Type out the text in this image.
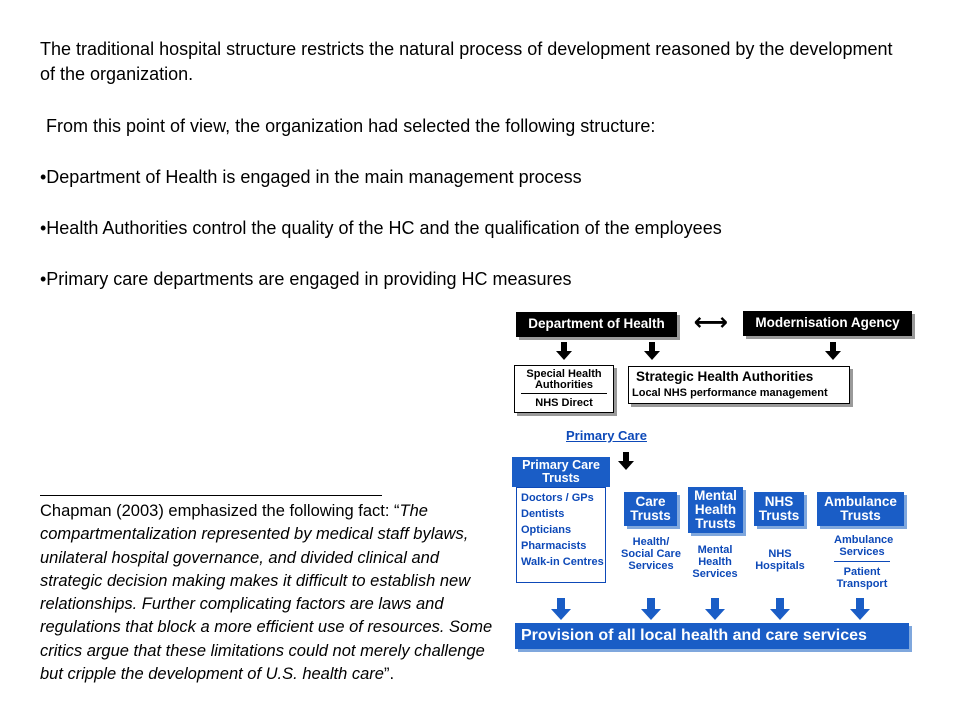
The traditional hospital structure restricts the natural process of development reasoned by the development of the organization.

From this point of view, the organization had selected the following structure:

•Department of Health is engaged in the main management process

•Health Authorities control the quality of the HC and the qualification of the employees

•Primary care departments are engaged in providing HC measures

Chapman (2003) emphasized the following fact: “The compartmentalization represented by medical staff bylaws, unilateral hospital governance, and divided clinical and strategic decision making makes it difficult to establish new relationships. Further complicating factors are laws and regulations that block a more efficient use of resources. Some critics argue that these limitations could not merely challenge but cripple the development of U.S. health care”.

Department of Health	⟷	Modernisation Agency
Special Health Authorities
NHS Direct
Strategic Health Authorities
Local NHS performance management
Primary Care
Primary Care Trusts
Doctors / GPs
Dentists
Opticians
Pharmacists
Walk-in Centres
Care Trusts
Health/ Social Care Services
Mental Health Trusts
Mental Health Services
NHS Trusts
NHS Hospitals
Ambulance Trusts
Ambulance Services
Patient Transport
Provision of all local health and care services
